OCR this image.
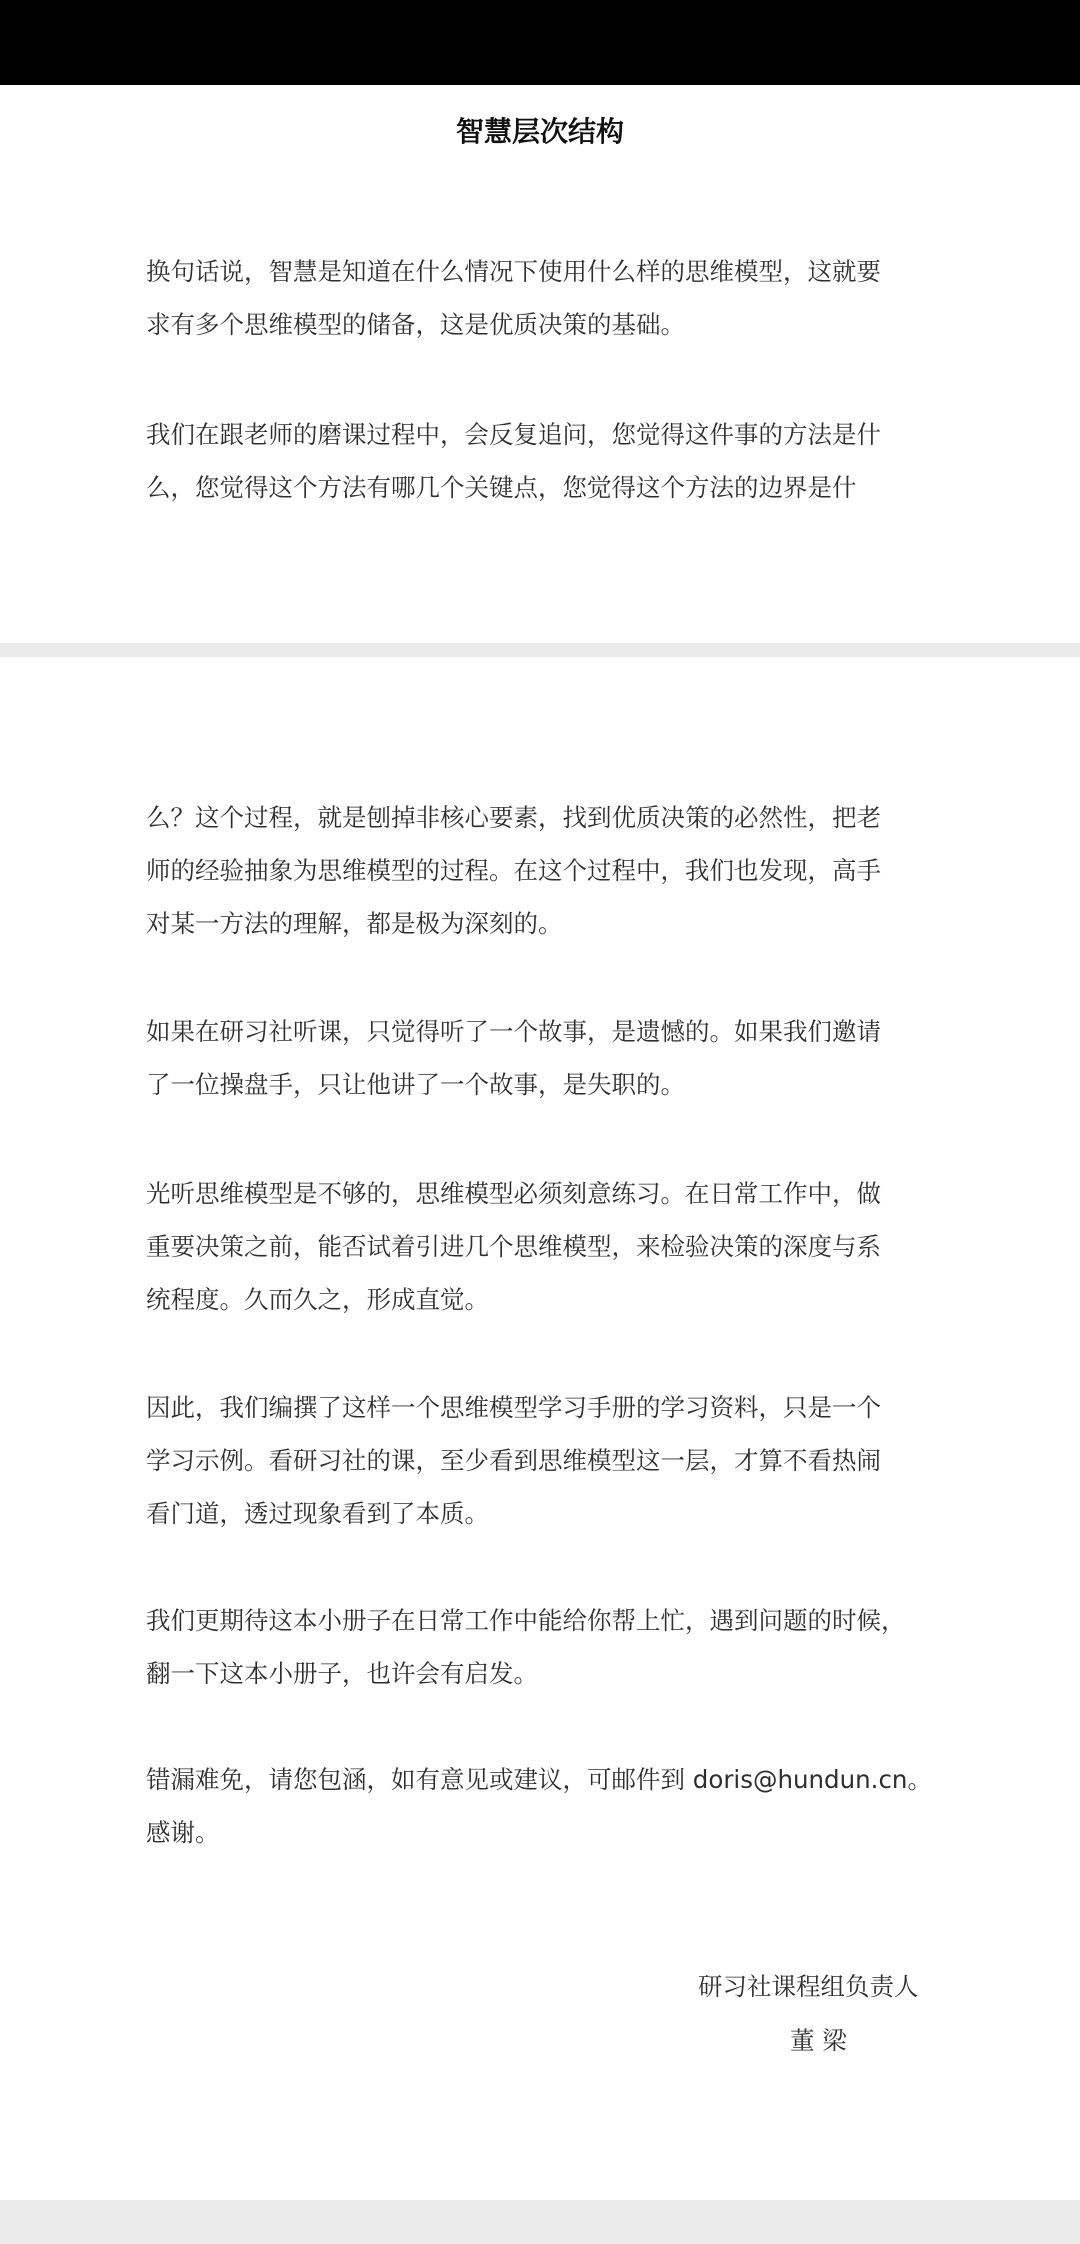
智慧层次结构

换句话说，智慧是知道在什么情况下使用什么样的思维模型，这就要
求有多个思维模型的储备，这是优质决策的基础。

我们在跟老师的磨课过程中，会反复追问，您觉得这件事的方法是什
么，您觉得这个方法有哪几个关键点，您觉得这个方法的边界是什

么？这个过程，就是刨掉非核心要素，找到优质决策的必然性，把老
师的经验抽象为思维模型的过程。在这个过程中，我们也发现，高手
对某一方法的理解，都是极为深刻的。

如果在研习社听课，只觉得听了一个故事，是遗憾的。如果我们邀请
了一位操盘手，只让他讲了一个故事，是失职的。

光听思维模型是不够的，思维模型必须刻意练习。在日常工作中，做
重要决策之前，能否试着引进几个思维模型，来检验决策的深度与系
统程度。久而久之，形成直觉。

因此，我们编撰了这样一个思维模型学习手册的学习资料，只是一个
学习示例。看研习社的课，至少看到思维模型这一层，才算不看热闹
看门道，透过现象看到了本质。

我们更期待这本小册子在日常工作中能给你帮上忙，遇到问题的时候，
翻一下这本小册子，也许会有启发。

错漏难免，请您包涵，如有意见或建议，可邮件到 doris@hundun.cn。
感谢。

研习社课程组负责人
董 梁
